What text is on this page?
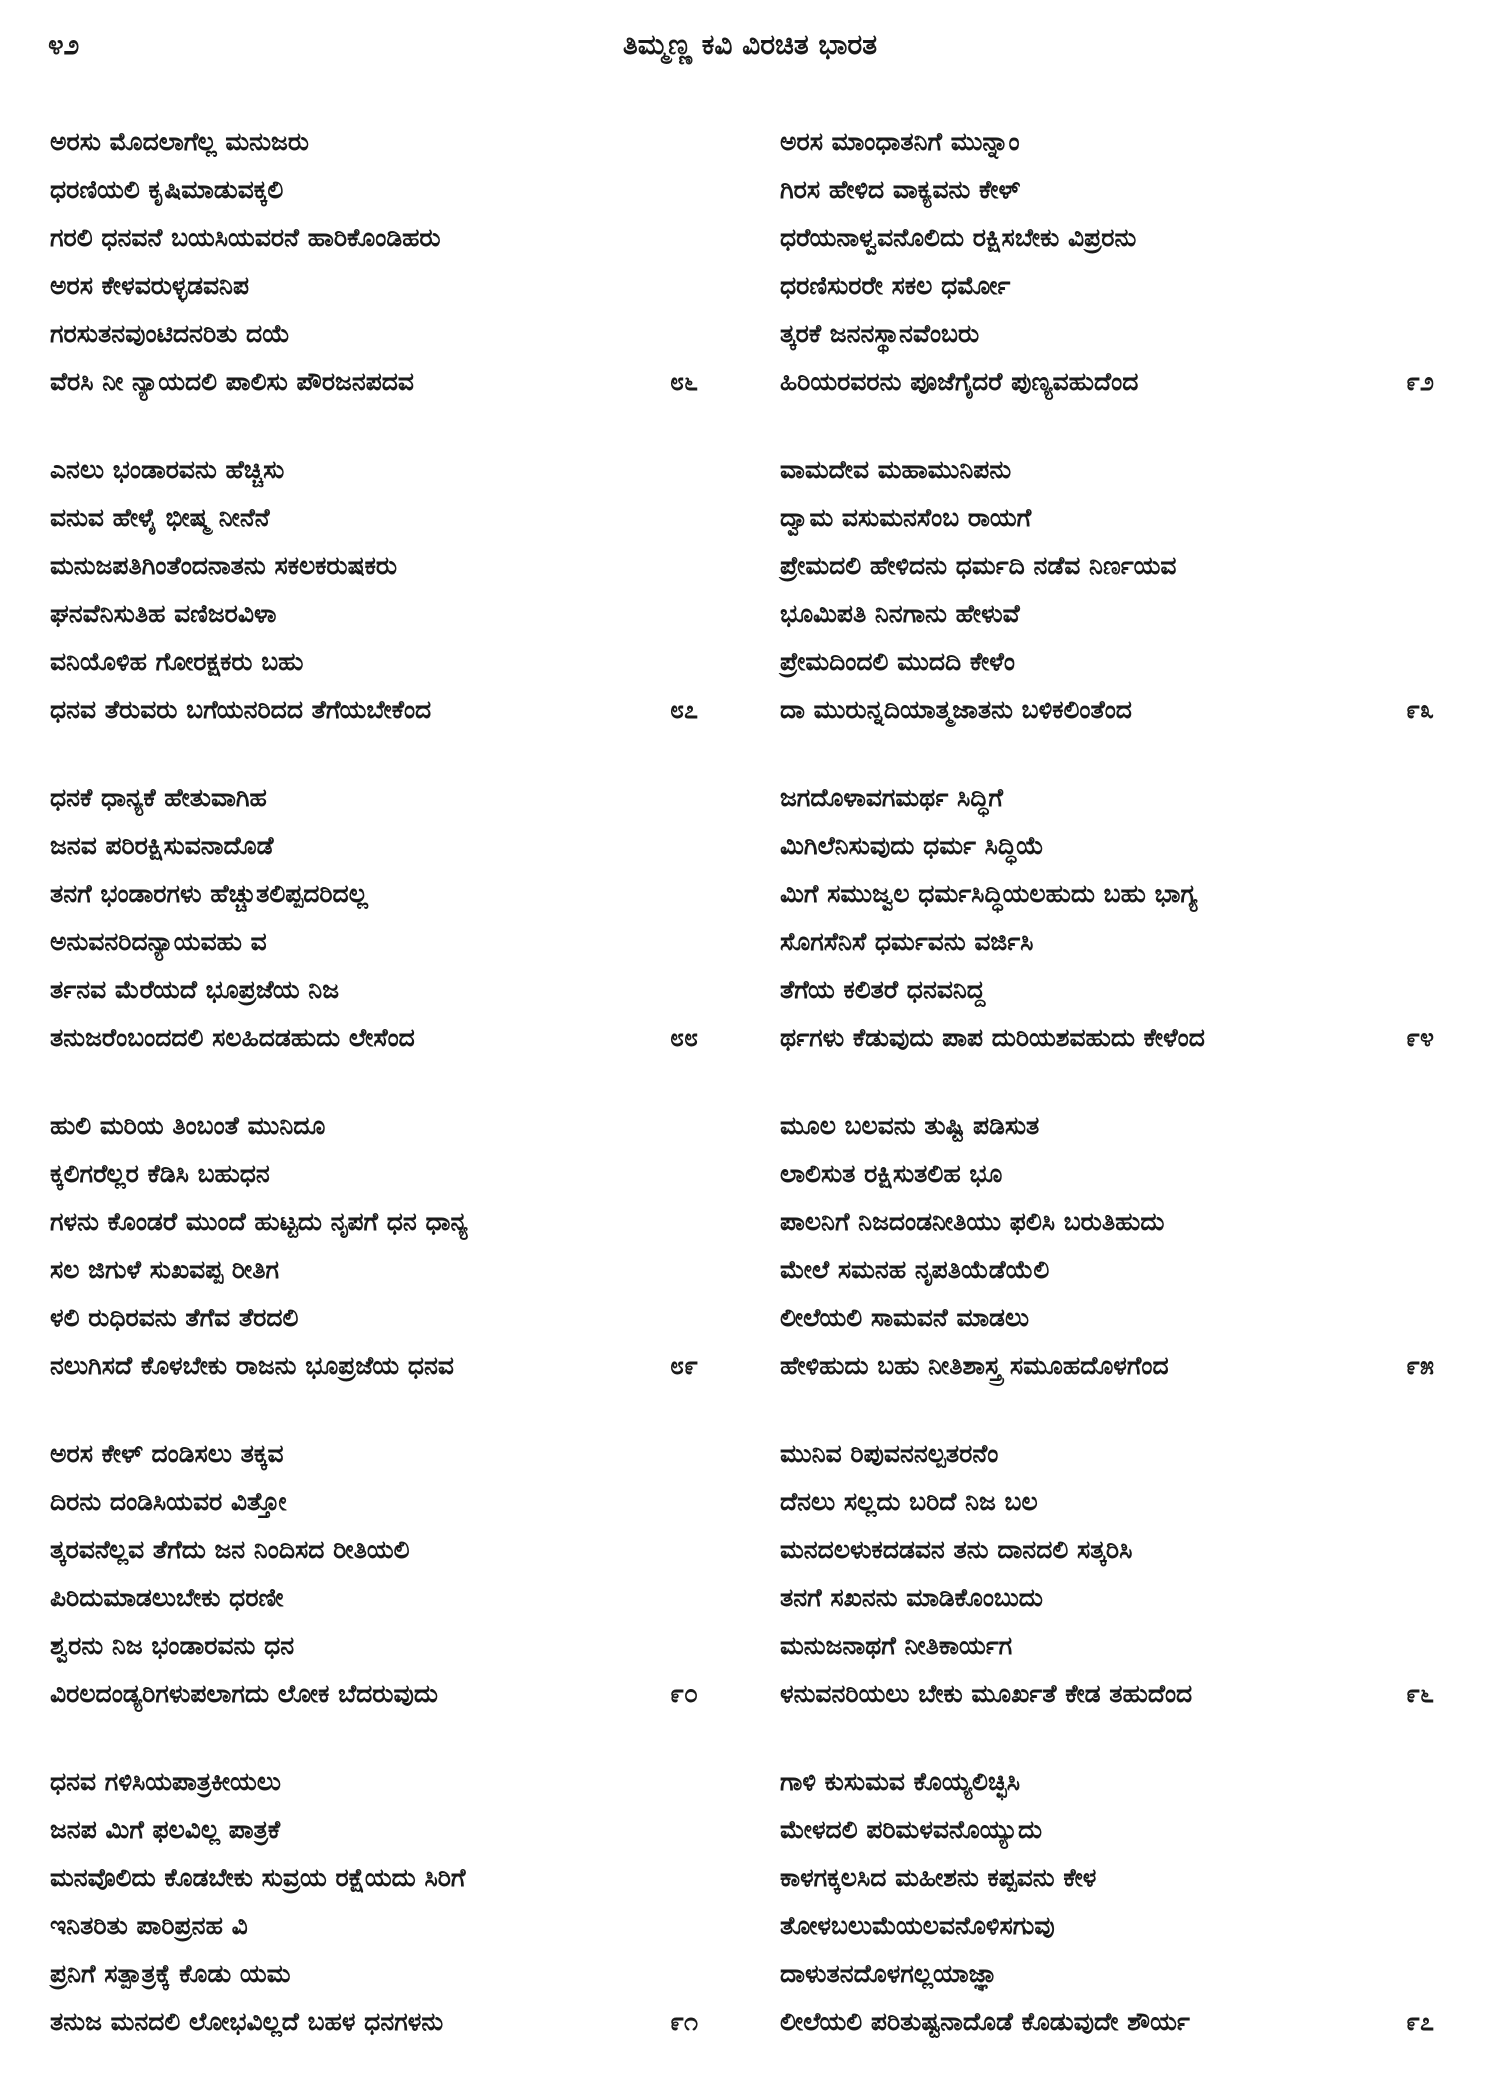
೪೨	ತಿಮ್ಮಣ್ಣ ಕವಿ ವಿರಚಿತ ಭಾರತ
ಅರಸು ಮೊದಲಾಗೆಲ್ಲ ಮನುಜರು
ಧರಣಿಯಲಿ ಕೃಷಿಮಾಡುವಕ್ಕಲಿ
ಗರಲಿ ಧನವನೆ ಬಯಸಿಯವರನೆ ಹಾರಿಕೊಂಡಿಹರು
ಅರಸ ಕೇಳವರುಳ್ಳಡವನಿಪ
ಗರಸುತನವುಂಟಿದನರಿತು ದಯೆ
ವೆರಸಿ ನೀ ನ್ಯಾಯದಲಿ ಪಾಲಿಸು ಪೌರಜನಪದವ	೮೬
ಎನಲು ಭಂಡಾರವನು ಹೆಚ್ಚಿಸು
ವನುವ ಹೇಳೈ ಭೀಷ್ಮ ನೀನೆನೆ
ಮನುಜಪತಿಗಿಂತೆಂದನಾತನು ಸಕಲಕರುಷಕರು
ಘನವೆನಿಸುತಿಹ ವಣಿಜರವಿಳಾ
ವನಿಯೊಳಿಹ ಗೋರಕ್ಷಕರು ಬಹು
ಧನವ ತೆರುವರು ಬಗೆಯನರಿದದ ತೆಗೆಯಬೇಕೆಂದ	೮೭
ಧನಕೆ ಧಾನ್ಯಕೆ ಹೇತುವಾಗಿಹ
ಜನವ ಪರಿರಕ್ಷಿಸುವನಾದೊಡೆ
ತನಗೆ ಭಂಡಾರಗಳು ಹೆಚ್ಚುತಲಿಪ್ಪದರಿದಲ್ಲ
ಅನುವನರಿದನ್ಯಾಯವಹು ವ
ರ್ತನವ ಮೆರೆಯದೆ ಭೂಪ್ರಜೆಯ ನಿಜ
ತನುಜರೆಂಬಂದದಲಿ ಸಲಹಿದಡಹುದು ಲೇಸೆಂದ	೮೮
ಹುಲಿ ಮರಿಯ ತಿಂಬಂತೆ ಮುನಿದೂ
ಕ್ಕಲಿಗರೆಲ್ಲರ ಕೆಡಿಸಿ ಬಹುಧನ
ಗಳನು ಕೊಂಡರೆ ಮುಂದೆ ಹುಟ್ಟದು ನೃಪಗೆ ಧನ ಧಾನ್ಯ
ಸಲ ಜಿಗುಳೆ ಸುಖವಪ್ಪ ರೀತಿಗ
ಳಲಿ ರುಧಿರವನು ತೆಗೆವ ತೆರದಲಿ
ನಲುಗಿಸದೆ ಕೊಳಬೇಕು ರಾಜನು ಭೂಪ್ರಜೆಯ ಧನವ	೮೯
ಅರಸ ಕೇಳ್ ದಂಡಿಸಲು ತಕ್ಕವ
ದಿರನು ದಂಡಿಸಿಯವರ ವಿತ್ತೋ
ತ್ಕರವನೆಲ್ಲವ ತೆಗೆದು ಜನ ನಿಂದಿಸದ ರೀತಿಯಲಿ
ಪಿರಿದುಮಾಡಲುಬೇಕು ಧರಣೀ
ಶ್ವರನು ನಿಜ ಭಂಡಾರವನು ಧನ
ವಿರಲದಂಡ್ಯರಿಗಳುಪಲಾಗದು ಲೋಕ ಬೆದರುವುದು	೯೦
ಧನವ ಗಳಿಸಿಯಪಾತ್ರಕೀಯಲು
ಜನಪ ಮಿಗೆ ಫಲವಿಲ್ಲ ಪಾತ್ರಕೆ
ಮನವೊಲಿದು ಕೊಡಬೇಕು ಸುವ್ರಯ ರಕ್ಷೆಯದು ಸಿರಿಗೆ
ಇನಿತರಿತು ಪಾರಿಪ್ರನಹ ವಿ
ಪ್ರನಿಗೆ ಸತ್ಪಾತ್ರಕ್ಕೆ ಕೊಡು ಯಮ
ತನುಜ ಮನದಲಿ ಲೋಭವಿಲ್ಲದೆ ಬಹಳ ಧನಗಳನು	೯೧
ಅರಸ ಮಾಂಧಾತನಿಗೆ ಮುನ್ನಾಂ
ಗಿರಸ ಹೇಳಿದ ವಾಕ್ಯವನು ಕೇಳ್
ಧರೆಯನಾಳ್ವವನೊಲಿದು ರಕ್ಷಿಸಬೇಕು ವಿಪ್ರರನು
ಧರಣಿಸುರರೇ ಸಕಲ ಧರ್ಮೋ
ತ್ಕರಕೆ ಜನನಸ್ಥಾನವೆಂಬರು
ಹಿರಿಯರವರನು ಪೂಜೆಗೈದರೆ ಪುಣ್ಯವಹುದೆಂದ	೯೨
ವಾಮದೇವ ಮಹಾಮುನಿಪನು
ದ್ವಾಮ ವಸುಮನಸೆಂಬ ರಾಯಗೆ
ಪ್ರೇಮದಲಿ ಹೇಳಿದನು ಧರ್ಮದಿ ನಡೆವ ನಿರ್ಣಯವ
ಭೂಮಿಪತಿ ನಿನಗಾನು ಹೇಳುವೆ
ಪ್ರೇಮದಿಂದಲಿ ಮುದದಿ ಕೇಳೆಂ
ದಾ ಮುರುನ್ನದಿಯಾತ್ಮಜಾತನು ಬಳಿಕಲಿಂತೆಂದ	೯೩
ಜಗದೊಳಾವಗಮರ್ಥ ಸಿದ್ಧಿಗೆ
ಮಿಗಿಲೆನಿಸುವುದು ಧರ್ಮ ಸಿದ್ಧಿಯೆ
ಮಿಗೆ ಸಮುಜ್ವಲ ಧರ್ಮಸಿದ್ಧಿಯಲಹುದು ಬಹು ಭಾಗ್ಯ
ಸೊಗಸೆನಿಸೆ ಧರ್ಮವನು ವರ್ಜಿಸಿ
ತೆಗೆಯ ಕಲಿತರೆ ಧನವನಿದ್ದ
ರ್ಥಗಳು ಕೆಡುವುದು ಪಾಪ ದುರಿಯಶವಹುದು ಕೇಳೆಂದ	೯೪
ಮೂಲ ಬಲವನು ತುಷ್ಟಿ ಪಡಿಸುತ
ಲಾಲಿಸುತ ರಕ್ಷಿಸುತಲಿಹ ಭೂ
ಪಾಲನಿಗೆ ನಿಜದಂಡನೀತಿಯು ಫಲಿಸಿ ಬರುತಿಹುದು
ಮೇಲೆ ಸಮನಹ ನೃಪತಿಯೆಡೆಯೆಲಿ
ಲೀಲೆಯಲಿ ಸಾಮವನೆ ಮಾಡಲು
ಹೇಳಿಹುದು ಬಹು ನೀತಿಶಾಸ್ತ್ರ ಸಮೂಹದೊಳಗೆಂದ	೯೫
ಮುನಿವ ರಿಪುವನನಲ್ಪತರನೆಂ
ದೆನಲು ಸಲ್ಲದು ಬರಿದೆ ನಿಜ ಬಲ
ಮನದಲಳುಕದಡವನ ತನು ದಾನದಲಿ ಸತ್ಕರಿಸಿ
ತನಗೆ ಸಖನನು ಮಾಡಿಕೊಂಬುದು
ಮನುಜನಾಥಗೆ ನೀತಿಕಾರ್ಯಗ
ಳನುವನರಿಯಲು ಬೇಕು ಮೂರ್ಖತೆ ಕೇಡ ತಹುದೆಂದ	೯೬
ಗಾಳಿ ಕುಸುಮವ ಕೊಯ್ಯಲಿಚ್ಛಿಸಿ
ಮೇಳದಲಿ ಪರಿಮಳವನೊಯ್ಯುದು
ಕಾಳಗಕ್ಕಲಸಿದ ಮಹೀಶನು ಕಪ್ಪವನು ಕೇಳ
ತೋಳಬಲುಮೆಯಲವನೊಳಿಸಗುವು
ದಾಳುತನದೊಳಗಲ್ಲಯಾಜ್ಞಾ
ಲೀಲೆಯಲಿ ಪರಿತುಷ್ಟನಾದೊಡೆ ಕೊಡುವುದೇ ಶೌರ್ಯ	೯೭
